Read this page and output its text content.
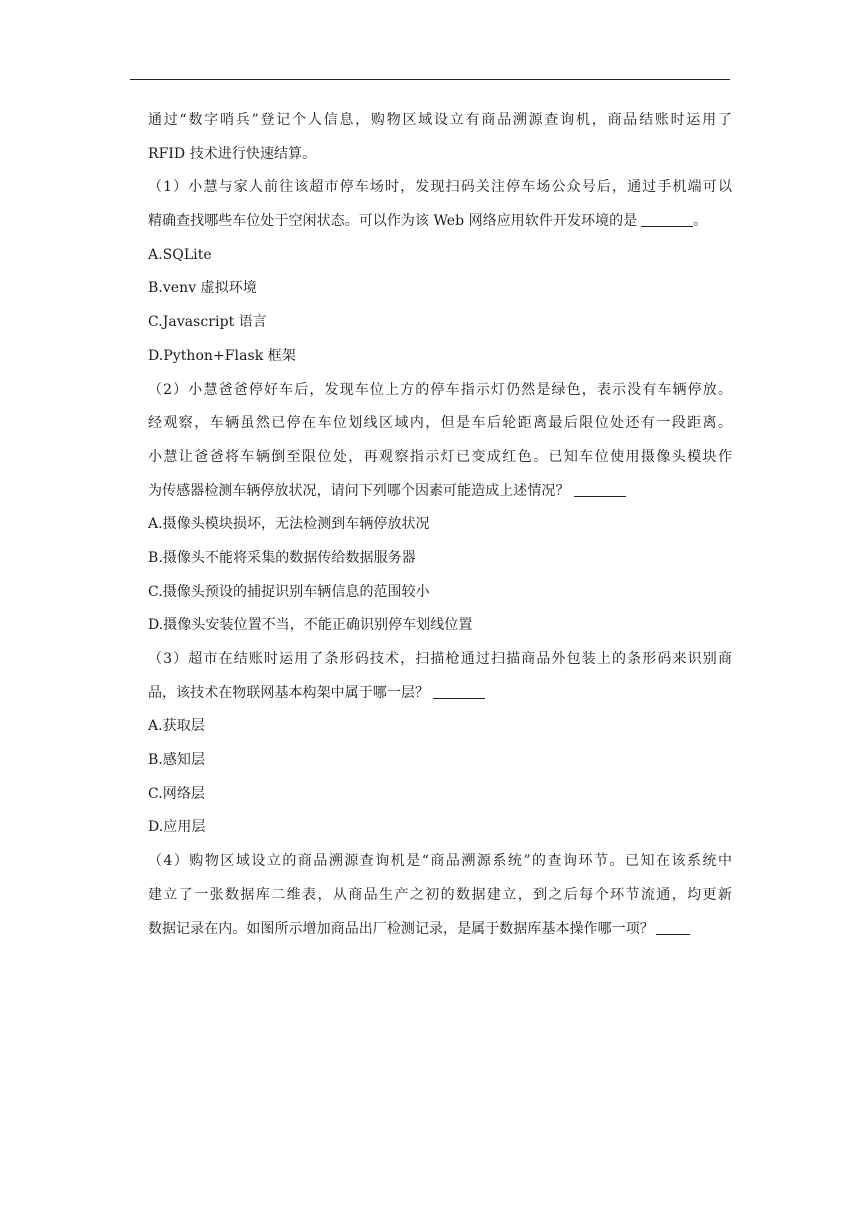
通过“数字哨兵”登记个人信息，购物区域设立有商品溯源查询机，商品结账时运用了
RFID 技术进行快速结算。
（1）小慧与家人前往该超市停车场时，发现扫码关注停车场公众号后，通过手机端可以
精确查找哪些车位处于空闲状态。可以作为该 Web 网络应用软件开发环境的是	。
A.SQLite
B.venv 虚拟环境
C.Javascript 语言
D.Python+Flask 框架
（2）小慧爸爸停好车后，发现车位上方的停车指示灯仍然是绿色，表示没有车辆停放。
经观察，车辆虽然已停在车位划线区域内，但是车后轮距离最后限位处还有一段距离。
小慧让爸爸将车辆倒至限位处，再观察指示灯已变成红色。已知车位使用摄像头模块作
为传感器检测车辆停放状况，请问下列哪个因素可能造成上述情况？
A.摄像头模块损坏，无法检测到车辆停放状况
B.摄像头不能将采集的数据传给数据服务器
C.摄像头预设的捕捉识别车辆信息的范围较小
D.摄像头安装位置不当，不能正确识别停车划线位置
（3）超市在结账时运用了条形码技术，扫描枪通过扫描商品外包装上的条形码来识别商
品，该技术在物联网基本构架中属于哪一层？
A.获取层
B.感知层
C.网络层
D.应用层
（4）购物区域设立的商品溯源查询机是“商品溯源系统”的查询环节。已知在该系统中
建立了一张数据库二维表，从商品生产之初的数据建立，到之后每个环节流通，均更新
数据记录在内。如图所示增加商品出厂检测记录，是属于数据库基本操作哪一项？
